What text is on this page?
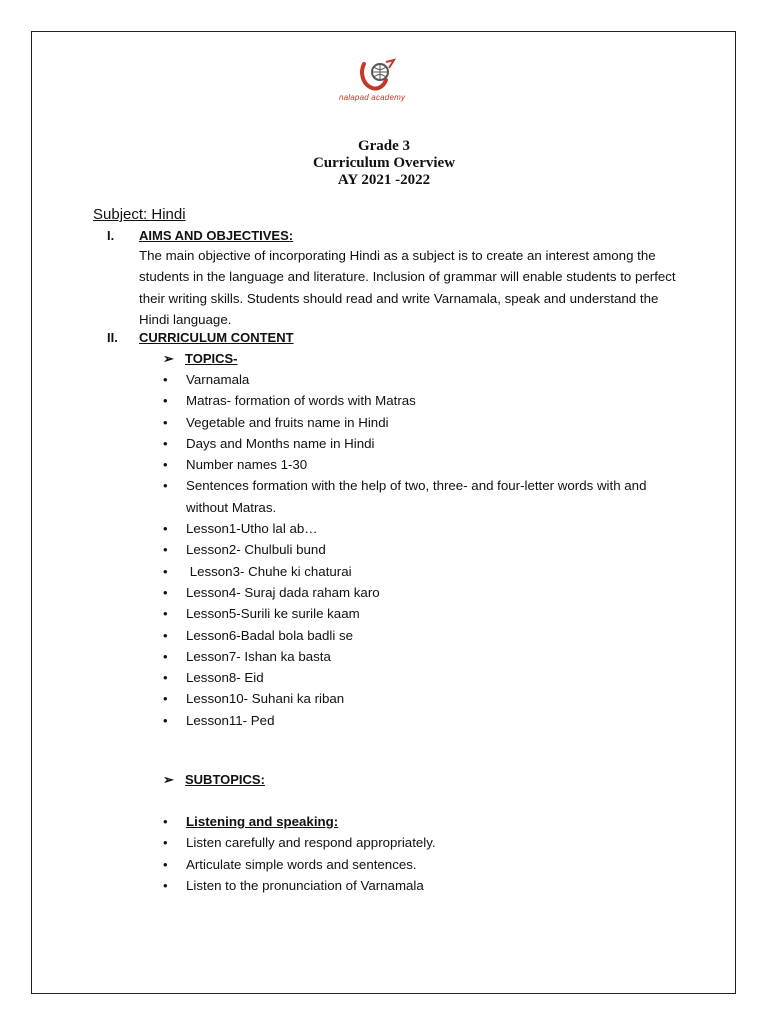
nalapad academy
Grade 3
Curriculum Overview
AY 2021 -2022
Subject: Hindi
I. AIMS AND OBJECTIVES:

The main objective of incorporating Hindi as a subject is to create an interest among the students in the language and literature. Inclusion of grammar will enable students to perfect their writing skills. Students should read and write Varnamala, speak and understand the Hindi language.

II. CURRICULUM CONTENT
➢ TOPICS-
• Varnamala
• Matras- formation of words with Matras
• Vegetable and fruits name in Hindi
• Days and Months name in Hindi
• Number names 1-30
• Sentences formation with the help of two, three- and four-letter words with and without Matras.
• Lesson1-Utho lal ab…
• Lesson2- Chulbuli bund
• Lesson3- Chuhe ki chaturai
• Lesson4- Suraj dada raham karo
• Lesson5-Surili ke surile kaam
• Lesson6-Badal bola badli se
• Lesson7- Ishan ka basta
• Lesson8- Eid
• Lesson10- Suhani ka riban
• Lesson11- Ped
➢ SUBTOPICS:
• Listening and speaking:
• Listen carefully and respond appropriately.
• Articulate simple words and sentences.
• Listen to the pronunciation of Varnamala
